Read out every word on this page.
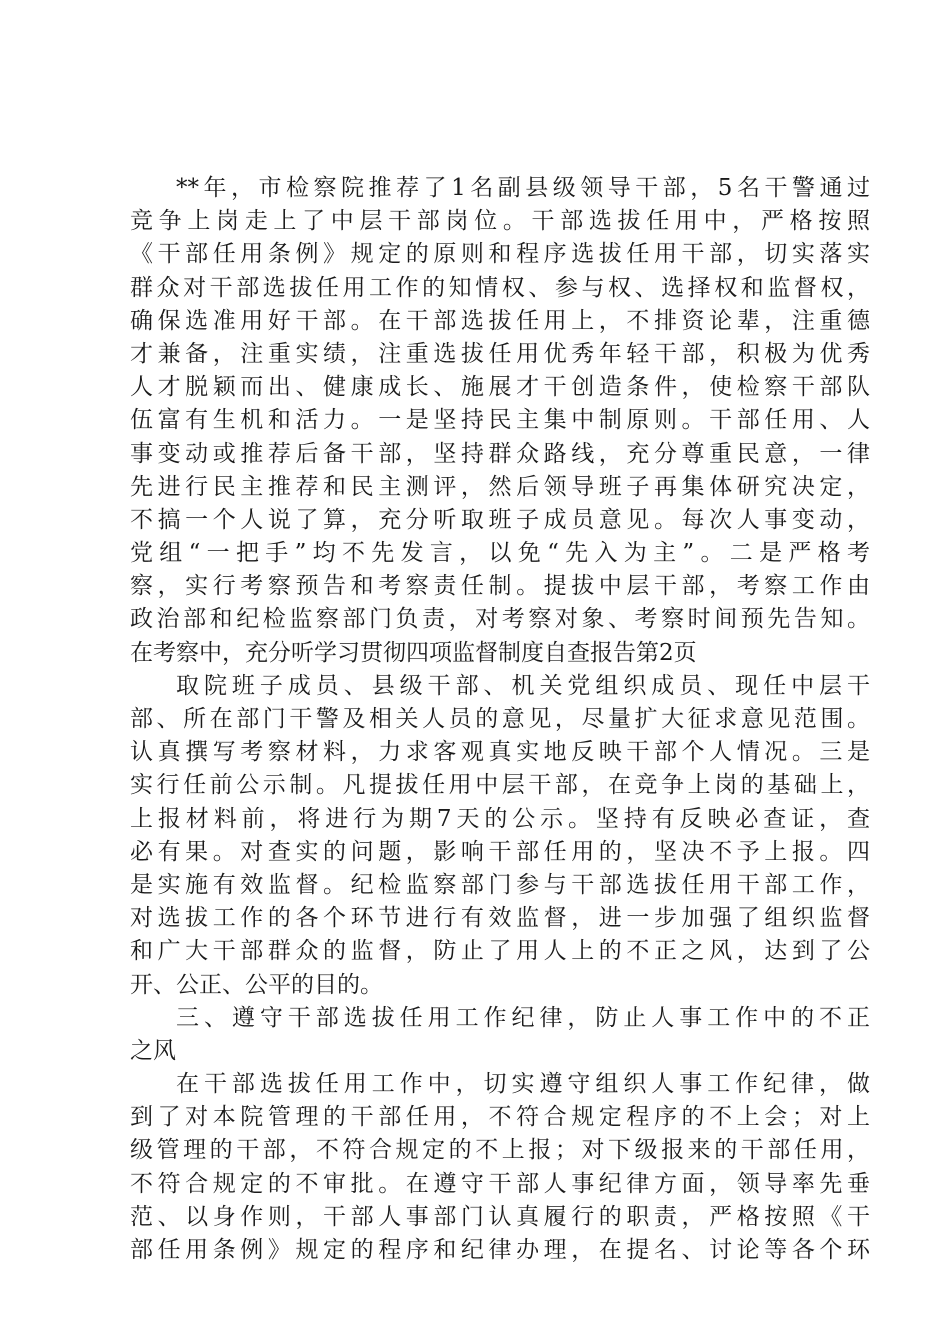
**年，市检察院推荐了1名副县级领导干部，5名干警通过
竞争上岗走上了中层干部岗位。干部选拔任用中，严格按照
《干部任用条例》规定的原则和程序选拔任用干部，切实落实
群众对干部选拔任用工作的知情权、参与权、选择权和监督权，
确保选准用好干部。在干部选拔任用上，不排资论辈，注重德
才兼备，注重实绩，注重选拔任用优秀年轻干部，积极为优秀
人才脱颖而出、健康成长、施展才干创造条件，使检察干部队
伍富有生机和活力。一是坚持民主集中制原则。干部任用、人
事变动或推荐后备干部，坚持群众路线，充分尊重民意，一律
先进行民主推荐和民主测评，然后领导班子再集体研究决定，
不搞一个人说了算，充分听取班子成员意见。每次人事变动，
党组“一把手”均不先发言，以免“先入为主”。二是严格考
察，实行考察预告和考察责任制。提拔中层干部，考察工作由
政治部和纪检监察部门负责，对考察对象、考察时间预先告知。
在考察中，充分听学习贯彻四项监督制度自查报告第2页
取院班子成员、县级干部、机关党组织成员、现任中层干
部、所在部门干警及相关人员的意见，尽量扩大征求意见范围。
认真撰写考察材料，力求客观真实地反映干部个人情况。三是
实行任前公示制。凡提拔任用中层干部，在竞争上岗的基础上，
上报材料前，将进行为期7天的公示。坚持有反映必查证，查
必有果。对查实的问题，影响干部任用的，坚决不予上报。四
是实施有效监督。纪检监察部门参与干部选拔任用干部工作，
对选拔工作的各个环节进行有效监督，进一步加强了组织监督
和广大干部群众的监督，防止了用人上的不正之风，达到了公
开、公正、公平的目的。
三、遵守干部选拔任用工作纪律，防止人事工作中的不正
之风
在干部选拔任用工作中，切实遵守组织人事工作纪律，做
到了对本院管理的干部任用，不符合规定程序的不上会；对上
级管理的干部，不符合规定的不上报；对下级报来的干部任用，
不符合规定的不审批。在遵守干部人事纪律方面，领导率先垂
范、以身作则，干部人事部门认真履行的职责，严格按照《干
部任用条例》规定的程序和纪律办理，在提名、讨论等各个环
